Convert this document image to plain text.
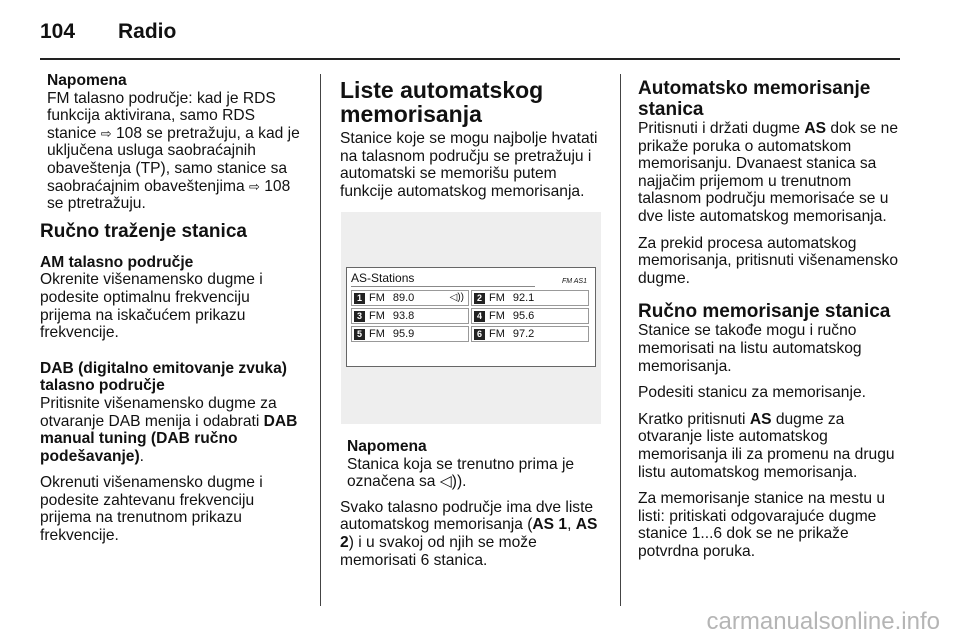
104 Radio
Napomena
FM talasno područje: kad je RDS funkcija aktivirana, samo RDS stanice ⇨ 108 se pretražuju, a kad je uključena usluga saobraćajnih obaveštenja (TP), samo stanice sa saobraćajnim obaveštenjima ⇨ 108 se ptretražuju.
Ručno traženje stanica
AM talasno područje

Okrenite višenamensko dugme i podesite optimalnu frekvenciju prijema na iskačućem prikazu frekvencije.

DAB (digitalno emitovanje zvuka) talasno područje

Pritisnite višenamensko dugme za otvaranje DAB menija i odabrati DAB manual tuning (DAB ručno podešavanje).

Okrenuti višenamensko dugme i podesite zahtevanu frekvenciju prijema na trenutnom prikazu frekvencije.

Liste automatskog memorisanja

Stanice koje se mogu najbolje hvatati na talasnom području se pretražuju i automatski se memorišu putem funkcije automatskog memorisanja.

AS-Stations	FM AS1
1 FM 89.0	◁))	2 FM 92.1
3 FM 93.8	4 FM 95.6
5 FM 95.9	6 FM 97.2
Napomena
Stanica koja se trenutno prima je označena sa ◁)).

Svako talasno područje ima dve liste automatskog memorisanja (AS 1, AS 2) i u svakoj od njih se može memorisati 6 stanica.

Automatsko memorisanje stanica

Pritisnuti i držati dugme AS dok se ne prikaže poruka o automatskom memorisanju. Dvanaest stanica sa najjačim prijemom u trenutnom talasnom području memorisaće se u dve liste automatskog memorisanja.

Za prekid procesa automatskog memorisanja, pritisnuti višenamensko dugme.

Ručno memorisanje stanica

Stanice se takođe mogu i ručno memorisati na listu automatskog memorisanja.

Podesiti stanicu za memorisanje.

Kratko pritisnuti AS dugme za otvaranje liste automatskog memorisanja ili za promenu na drugu listu automatskog memorisanja.

Za memorisanje stanice na mestu u listi: pritiskati odgovarajuće dugme stanice 1...6 dok se ne prikaže potvrdna poruka.

carmanualsonline.info
